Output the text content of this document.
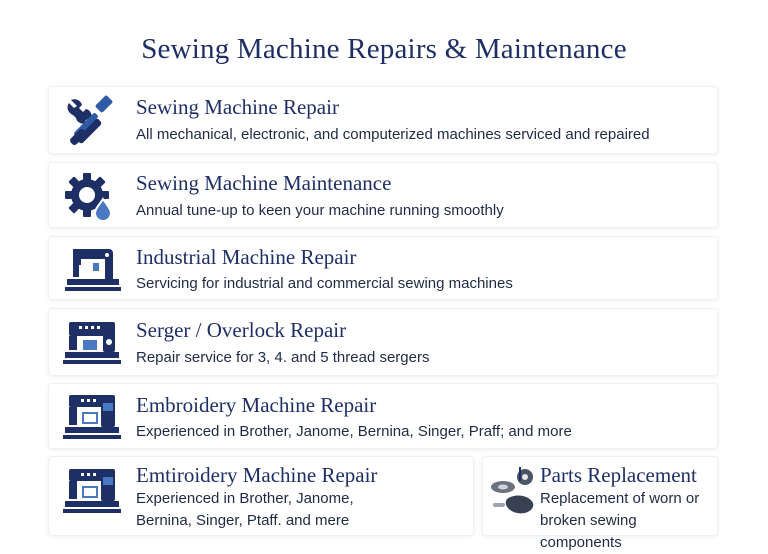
Sewing Machine Repairs & Maintenance
Sewing Machine Repair
All mechanical, electronic, and computerized machines serviced and repaired
Sewing Machine Maintenance
Annual tune-up to keen your machine running smoothly
Industrial Machine Repair
Servicing for industrial and commercial sewing machines
Serger / Overlock Repair
Repair service for 3, 4. and 5 thread sergers
Embroidery Machine Repair
Experienced in Brother, Janome, Bernina, Singer, Praff; and more
Emtiroidery Machine Repair
Experienced in Brother, Janome, Bernina, Singer, Ptaff. and mere
Parts Replacement
Replacement of worn or broken sewing components
